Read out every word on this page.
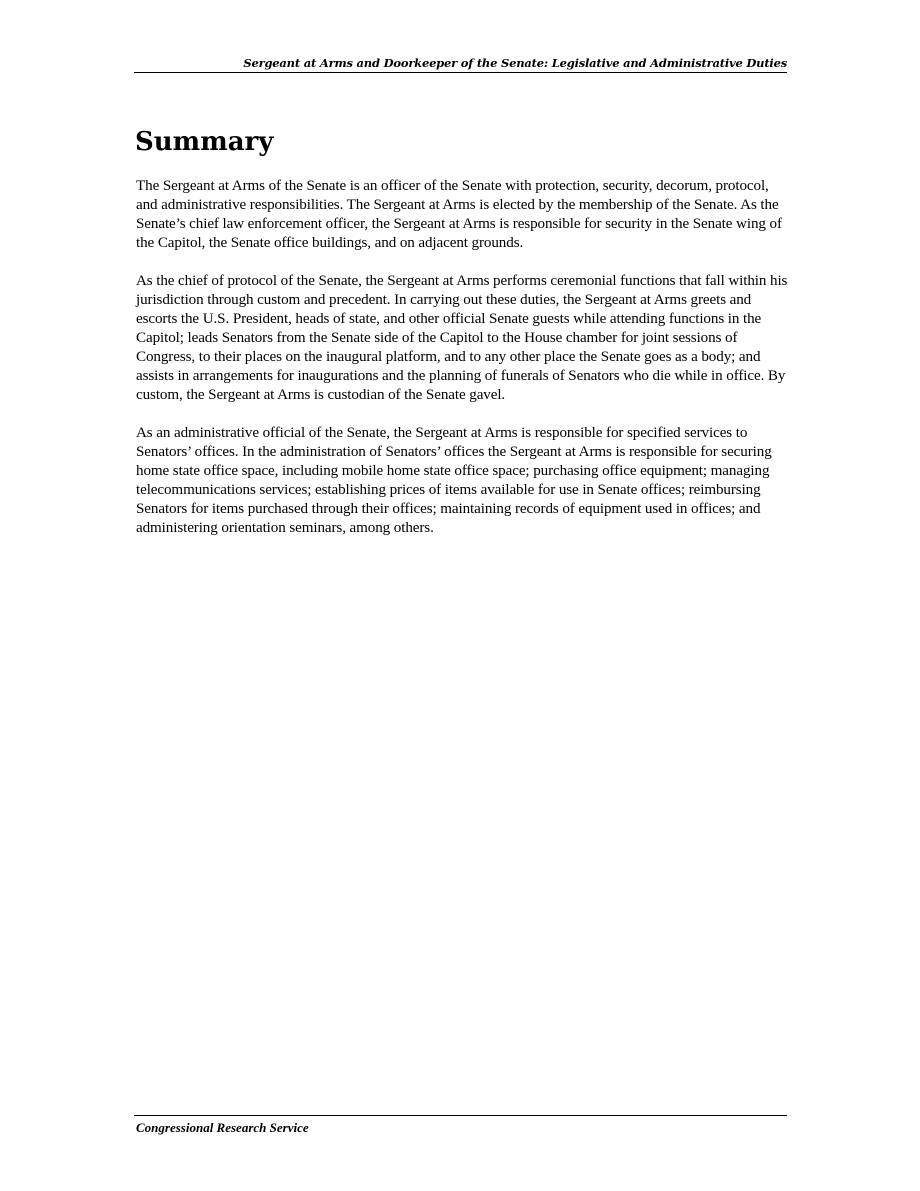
Sergeant at Arms and Doorkeeper of the Senate: Legislative and Administrative Duties
Summary

The Sergeant at Arms of the Senate is an officer of the Senate with protection, security, decorum, protocol, and administrative responsibilities. The Sergeant at Arms is elected by the membership of the Senate. As the Senate’s chief law enforcement officer, the Sergeant at Arms is responsible for security in the Senate wing of the Capitol, the Senate office buildings, and on adjacent grounds.

As the chief of protocol of the Senate, the Sergeant at Arms performs ceremonial functions that fall within his jurisdiction through custom and precedent. In carrying out these duties, the Sergeant at Arms greets and escorts the U.S. President, heads of state, and other official Senate guests while attending functions in the Capitol; leads Senators from the Senate side of the Capitol to the House chamber for joint sessions of Congress, to their places on the inaugural platform, and to any other place the Senate goes as a body; and assists in arrangements for inaugurations and the planning of funerals of Senators who die while in office. By custom, the Sergeant at Arms is custodian of the Senate gavel.

As an administrative official of the Senate, the Sergeant at Arms is responsible for specified services to Senators’ offices. In the administration of Senators’ offices the Sergeant at Arms is responsible for securing home state office space, including mobile home state office space; purchasing office equipment; managing telecommunications services; establishing prices of items available for use in Senate offices; reimbursing Senators for items purchased through their offices; maintaining records of equipment used in offices; and administering orientation seminars, among others.

Congressional Research Service
